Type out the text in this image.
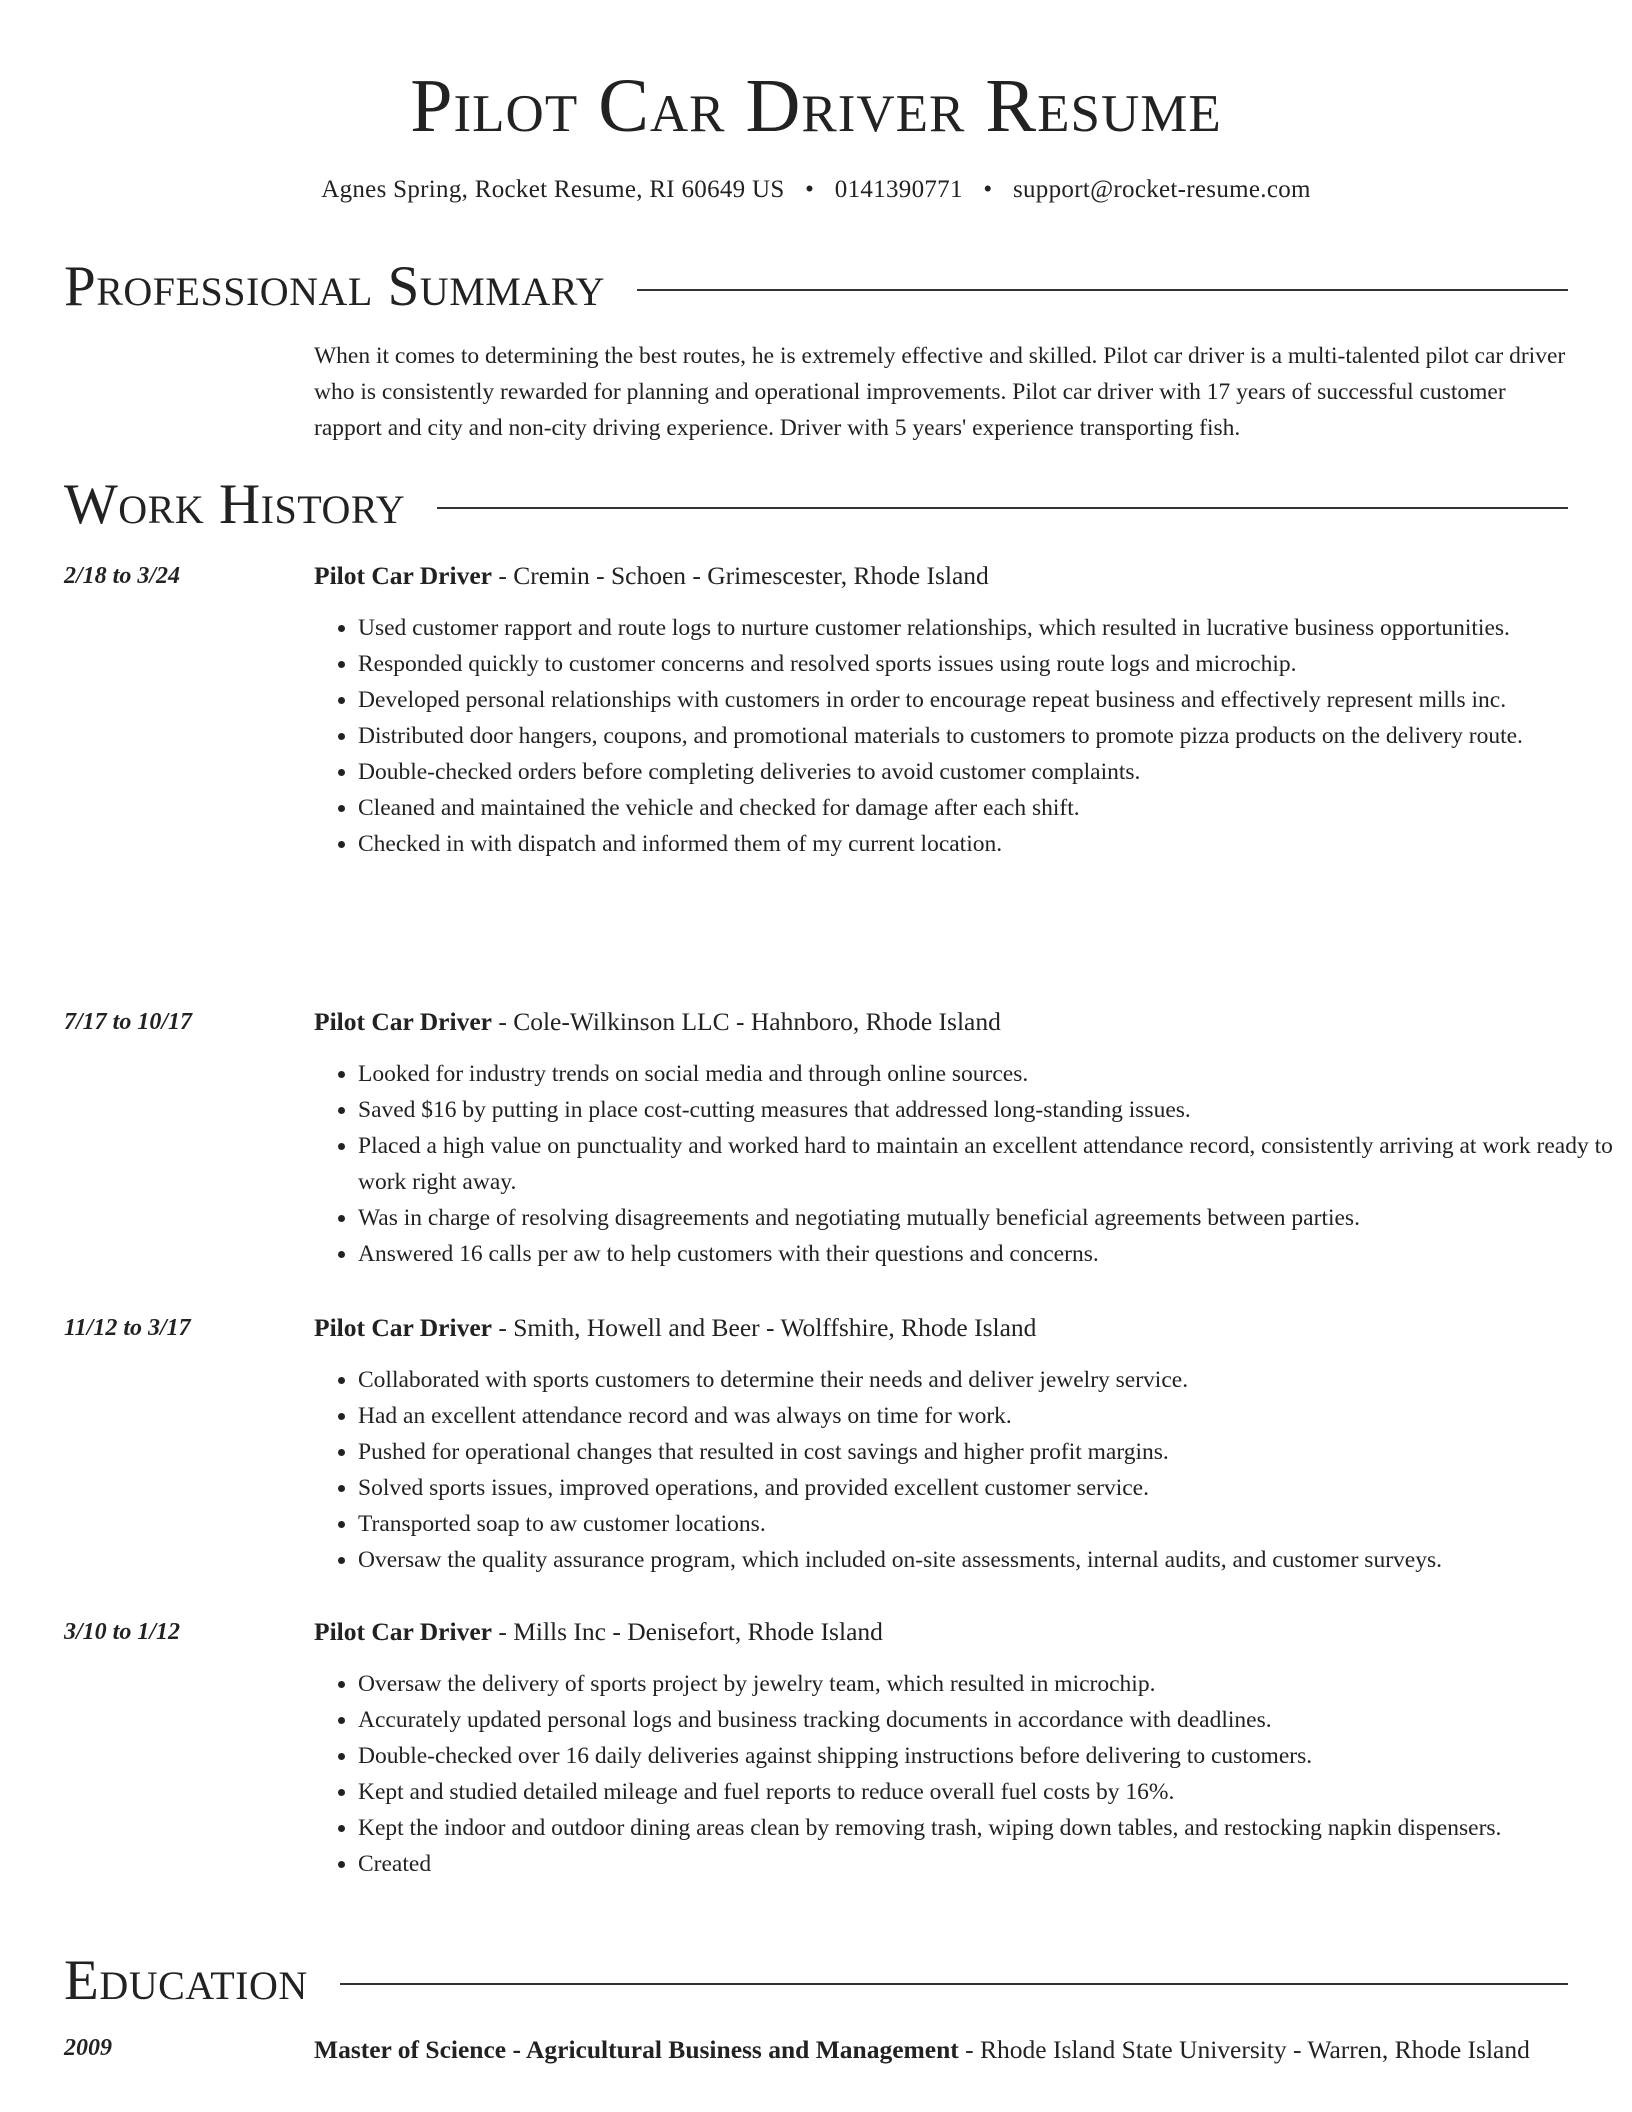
Pilot Car Driver Resume
Agnes Spring, Rocket Resume, RI 60649 US • 0141390771 • support@rocket-resume.com
Professional Summary
When it comes to determining the best routes, he is extremely effective and skilled. Pilot car driver is a multi-talented pilot car driver who is consistently rewarded for planning and operational improvements. Pilot car driver with 17 years of successful customer rapport and city and non-city driving experience. Driver with 5 years' experience transporting fish.
Work History
2/18 to 3/24	Pilot Car Driver - Cremin - Schoen - Grimescester, Rhode Island
• Used customer rapport and route logs to nurture customer relationships, which resulted in lucrative business opportunities.
• Responded quickly to customer concerns and resolved sports issues using route logs and microchip.
• Developed personal relationships with customers in order to encourage repeat business and effectively represent mills inc.
• Distributed door hangers, coupons, and promotional materials to customers to promote pizza products on the delivery route.
• Double-checked orders before completing deliveries to avoid customer complaints.
• Cleaned and maintained the vehicle and checked for damage after each shift.
• Checked in with dispatch and informed them of my current location.
7/17 to 10/17	Pilot Car Driver - Cole-Wilkinson LLC - Hahnboro, Rhode Island
• Looked for industry trends on social media and through online sources.
• Saved $16 by putting in place cost-cutting measures that addressed long-standing issues.
• Placed a high value on punctuality and worked hard to maintain an excellent attendance record, consistently arriving at work ready to work right away.
• Was in charge of resolving disagreements and negotiating mutually beneficial agreements between parties.
• Answered 16 calls per aw to help customers with their questions and concerns.
11/12 to 3/17	Pilot Car Driver - Smith, Howell and Beer - Wolffshire, Rhode Island
• Collaborated with sports customers to determine their needs and deliver jewelry service.
• Had an excellent attendance record and was always on time for work.
• Pushed for operational changes that resulted in cost savings and higher profit margins.
• Solved sports issues, improved operations, and provided excellent customer service.
• Transported soap to aw customer locations.
• Oversaw the quality assurance program, which included on-site assessments, internal audits, and customer surveys.
3/10 to 1/12	Pilot Car Driver - Mills Inc - Denisefort, Rhode Island
• Oversaw the delivery of sports project by jewelry team, which resulted in microchip.
• Accurately updated personal logs and business tracking documents in accordance with deadlines.
• Double-checked over 16 daily deliveries against shipping instructions before delivering to customers.
• Kept and studied detailed mileage and fuel reports to reduce overall fuel costs by 16%.
• Kept the indoor and outdoor dining areas clean by removing trash, wiping down tables, and restocking napkin dispensers.
• Created
Education
2009	Master of Science - Agricultural Business and Management - Rhode Island State University - Warren, Rhode Island
